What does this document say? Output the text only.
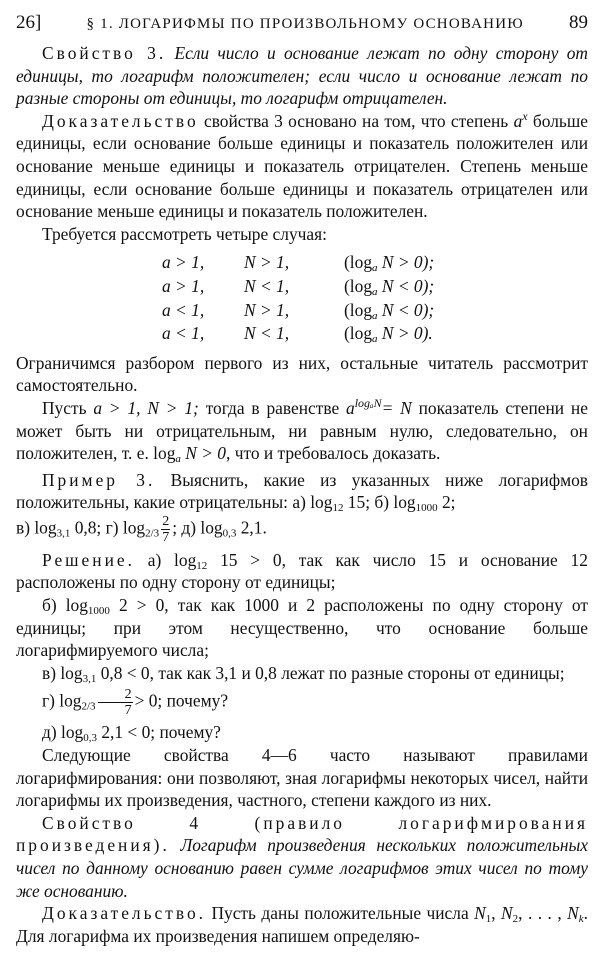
26]	§ 1. ЛОГАРИФМЫ ПО ПРОИЗВОЛЬНОМУ ОСНОВАНИЮ 89

Свойство 3. Если число и основание лежат по одну сторону от единицы, то логарифм положителен; если число и основание лежат по разные стороны от единицы, то логарифм отрицателен.

Доказательство свойства 3 основано на том, что степень $a^x$ больше единицы, если основание больше единицы и показатель положителен или основание меньше единицы и показатель отрицателен. Степень меньше единицы, если основание больше единицы и показатель отрицателен или основание меньше единицы и показатель положителен.

Требуется рассмотреть четыре случая:

a > 1,	N > 1,	($\log_a$ N > 0);
a > 1,	N < 1,	($\log_a$ N < 0);
a < 1,	N > 1,	($\log_a$ N < 0);
a < 1,	N < 1,	($\log_a$ N > 0).

Ограничимся разбором первого из них, остальные читатель рассмотрит самостоятельно.

Пусть a > 1, N > 1; тогда в равенстве $a^{log_aN}= N$ показатель степени не может быть ни отрицательным, ни равным нулю, следовательно, он положителен, т. е. $\log_a N > 0$, что и требовалось доказать.

Пример 3. Выяснить, какие из указанных ниже логарифмов положительны, какие отрицательны: а) $\log_{12} 15$; б) $\log_{1000} 2$;

в) $\log_{3,1} 0,8$; г) $\log_{2/3} \frac{2}{7}$ ; д) $\log_{0,3} 2,1$.

Решение. а) $\log_{12} 15 > 0$, так как число 15 и основание 12 расположены по одну сторону от единицы;

б) $\log_{1000} 2 > 0$, так как 1000 и 2 расположены по одну сторону от единицы; при этом несущественно, что основание больше логарифмируемого числа;

в) $\log_{3,1} 0,8 < 0$, так как 3,1 и 0,8 лежат по разные стороны от единицы;

г) $\log_{2/3} \frac{2}{7} > 0$; почему?

д) $\log_{0,3} 2,1 < 0$; почему?

Следующие свойства 4—6 часто называют правилами логарифмирования: они позволяют, зная логарифмы некоторых чисел, найти логарифмы их произведения, частного, степени каждого из них.

Свойство 4 (правило логарифмирования произведения). Логарифм произведения нескольких положительных чисел по данному основанию равен сумме логарифмов этих чисел по тому же основанию.

Доказательство. Пусть даны положительные числа $N_1$, $N_2$, . . . , $N_k$. Для логарифма их произведения напишем определяю-
